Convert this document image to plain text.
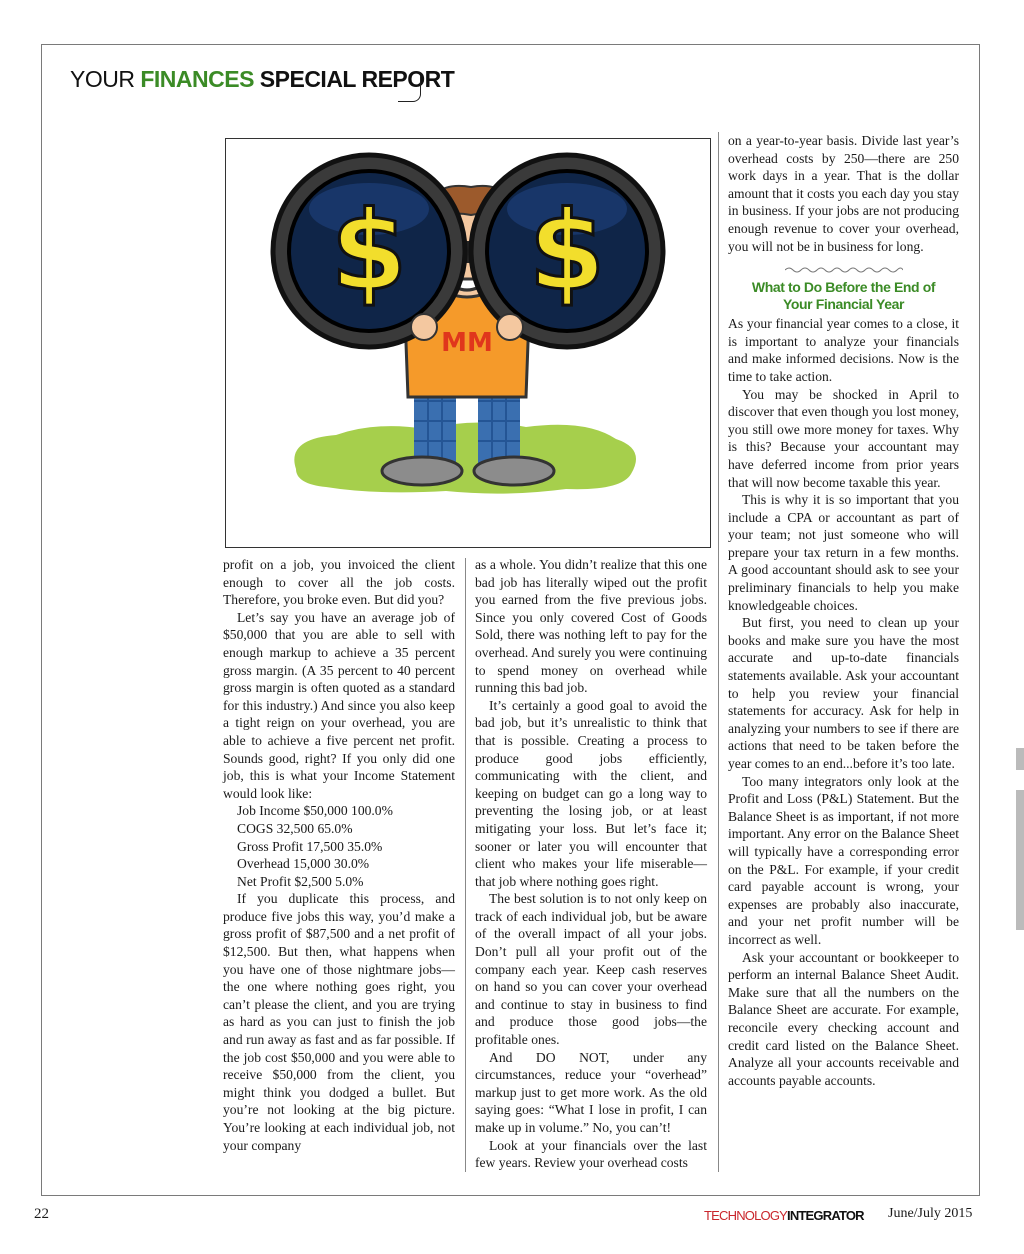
YOUR FINANCES SPECIAL REPORT
MM
$ $

profit on a job, you invoiced the client enough to cover all the job costs. Therefore, you broke even. But did you?

Let’s say you have an average job of $50,000 that you are able to sell with enough markup to achieve a 35 percent gross margin. (A 35 percent to 40 percent gross margin is often quoted as a standard for this industry.) And since you also keep a tight reign on your overhead, you are able to achieve a five percent net profit. Sounds good, right? If you only did one job, this is what your Income Statement would look like:

Job Income $50,000 100.0%
COGS 32,500 65.0%
Gross Profit 17,500 35.0%
Overhead 15,000 30.0%
Net Profit $2,500 5.0%

If you duplicate this process, and produce five jobs this way, you’d make a gross profit of $87,500 and a net profit of $12,500. But then, what happens when you have one of those nightmare jobs—the one where nothing goes right, you can’t please the client, and you are trying as hard as you can just to finish the job and run away as fast and as far possible. If the job cost $50,000 and you were able to receive $50,000 from the client, you might think you dodged a bullet. But you’re not looking at the big picture. You’re looking at each individual job, not your company

as a whole. You didn’t realize that this one bad job has literally wiped out the profit you earned from the five previous jobs. Since you only covered Cost of Goods Sold, there was nothing left to pay for the overhead. And surely you were continuing to spend money on overhead while running this bad job.

It’s certainly a good goal to avoid the bad job, but it’s unrealistic to think that that is possible. Creating a process to produce good jobs efficiently, communicating with the client, and keeping on budget can go a long way to preventing the losing job, or at least mitigating your loss. But let’s face it; sooner or later you will encounter that client who makes your life miserable—that job where nothing goes right.

The best solution is to not only keep on track of each individual job, but be aware of the overall impact of all your jobs. Don’t pull all your profit out of the company each year. Keep cash reserves on hand so you can cover your overhead and continue to stay in business to find and produce those good jobs—the profitable ones.

And DO NOT, under any circumstances, reduce your “overhead” markup just to get more work. As the old saying goes: “What I lose in profit, I can make up in volume.” No, you can’t!

Look at your financials over the last few years. Review your overhead costs

on a year-to-year basis. Divide last year’s overhead costs by 250—there are 250 work days in a year. That is the dollar amount that it costs you each day you stay in business. If your jobs are not producing enough revenue to cover your overhead, you will not be in business for long.

What to Do Before the End of
Your Financial Year

As your financial year comes to a close, it is important to analyze your financials and make informed decisions. Now is the time to take action.

You may be shocked in April to discover that even though you lost money, you still owe more money for taxes. Why is this? Because your accountant may have deferred income from prior years that will now become taxable this year.

This is why it is so important that you include a CPA or accountant as part of your team; not just someone who will prepare your tax return in a few months. A good accountant should ask to see your preliminary financials to help you make knowledgeable choices.

But first, you need to clean up your books and make sure you have the most accurate and up-to-date financials statements available. Ask your accountant to help you review your financial statements for accuracy. Ask for help in analyzing your numbers to see if there are actions that need to be taken before the year comes to an end...before it’s too late.

Too many integrators only look at the Profit and Loss (P&L) Statement. But the Balance Sheet is as important, if not more important. Any error on the Balance Sheet will typically have a corresponding error on the P&L. For example, if your credit card payable account is wrong, your expenses are probably also inaccurate, and your net profit number will be incorrect as well.

Ask your accountant or bookkeeper to perform an internal Balance Sheet Audit. Make sure that all the numbers on the Balance Sheet are accurate. For example, reconcile every checking account and credit card listed on the Balance Sheet. Analyze all your accounts receivable and accounts payable accounts.

22	TECHNOLOGYINTEGRATOR June/July 2015
